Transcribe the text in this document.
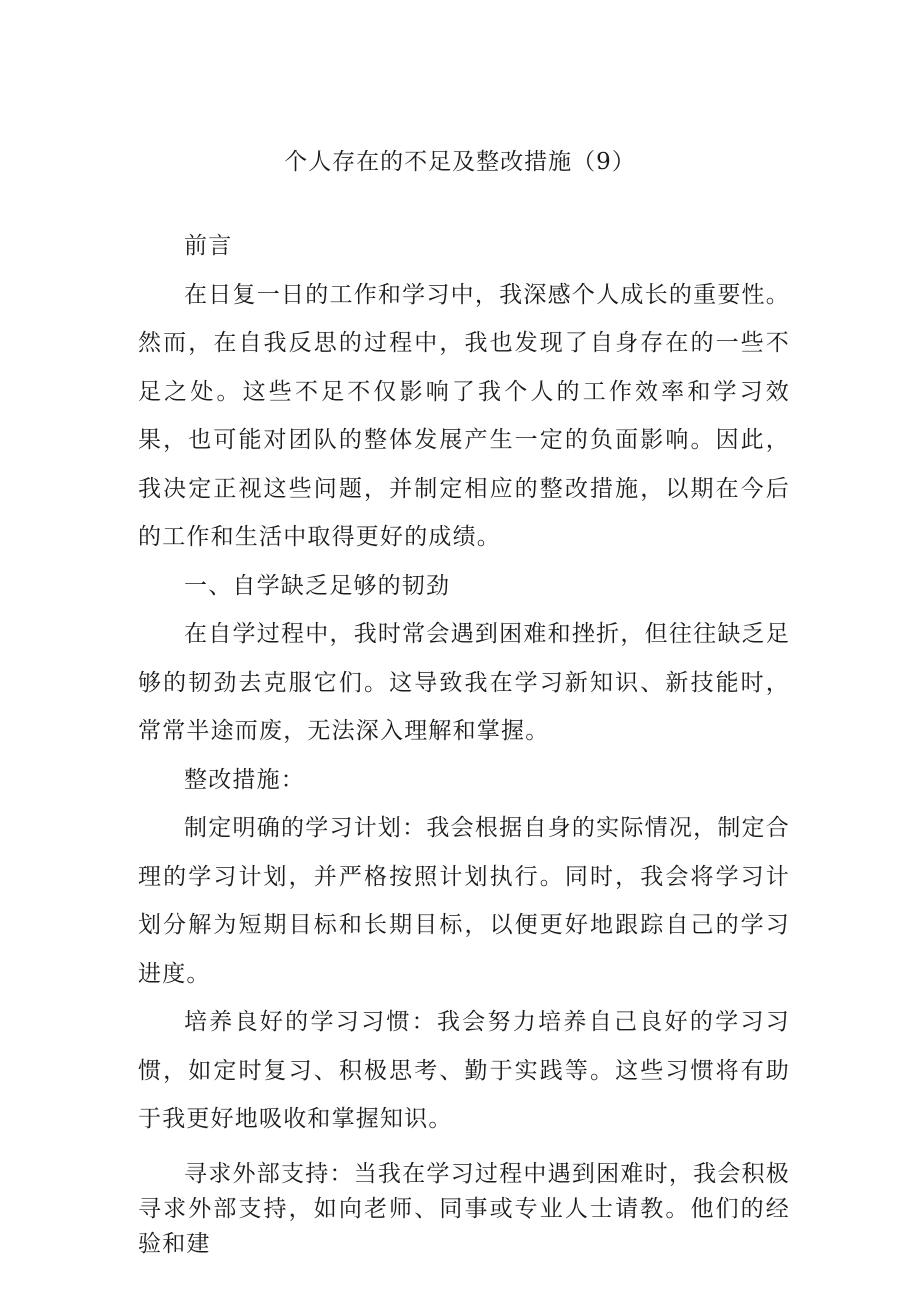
个人存在的不足及整改措施（9）

前言

在日复一日的工作和学习中，我深感个人成长的重要性。然而，在自我反思的过程中，我也发现了自身存在的一些不足之处。这些不足不仅影响了我个人的工作效率和学习效果，也可能对团队的整体发展产生一定的负面影响。因此，我决定正视这些问题，并制定相应的整改措施，以期在今后的工作和生活中取得更好的成绩。

一、自学缺乏足够的韧劲

在自学过程中，我时常会遇到困难和挫折，但往往缺乏足够的韧劲去克服它们。这导致我在学习新知识、新技能时，常常半途而废，无法深入理解和掌握。

整改措施：

制定明确的学习计划：我会根据自身的实际情况，制定合理的学习计划，并严格按照计划执行。同时，我会将学习计划分解为短期目标和长期目标，以便更好地跟踪自己的学习进度。

培养良好的学习习惯：我会努力培养自己良好的学习习惯，如定时复习、积极思考、勤于实践等。这些习惯将有助于我更好地吸收和掌握知识。

寻求外部支持：当我在学习过程中遇到困难时，我会积极寻求外部支持，如向老师、同事或专业人士请教。他们的经验和建
